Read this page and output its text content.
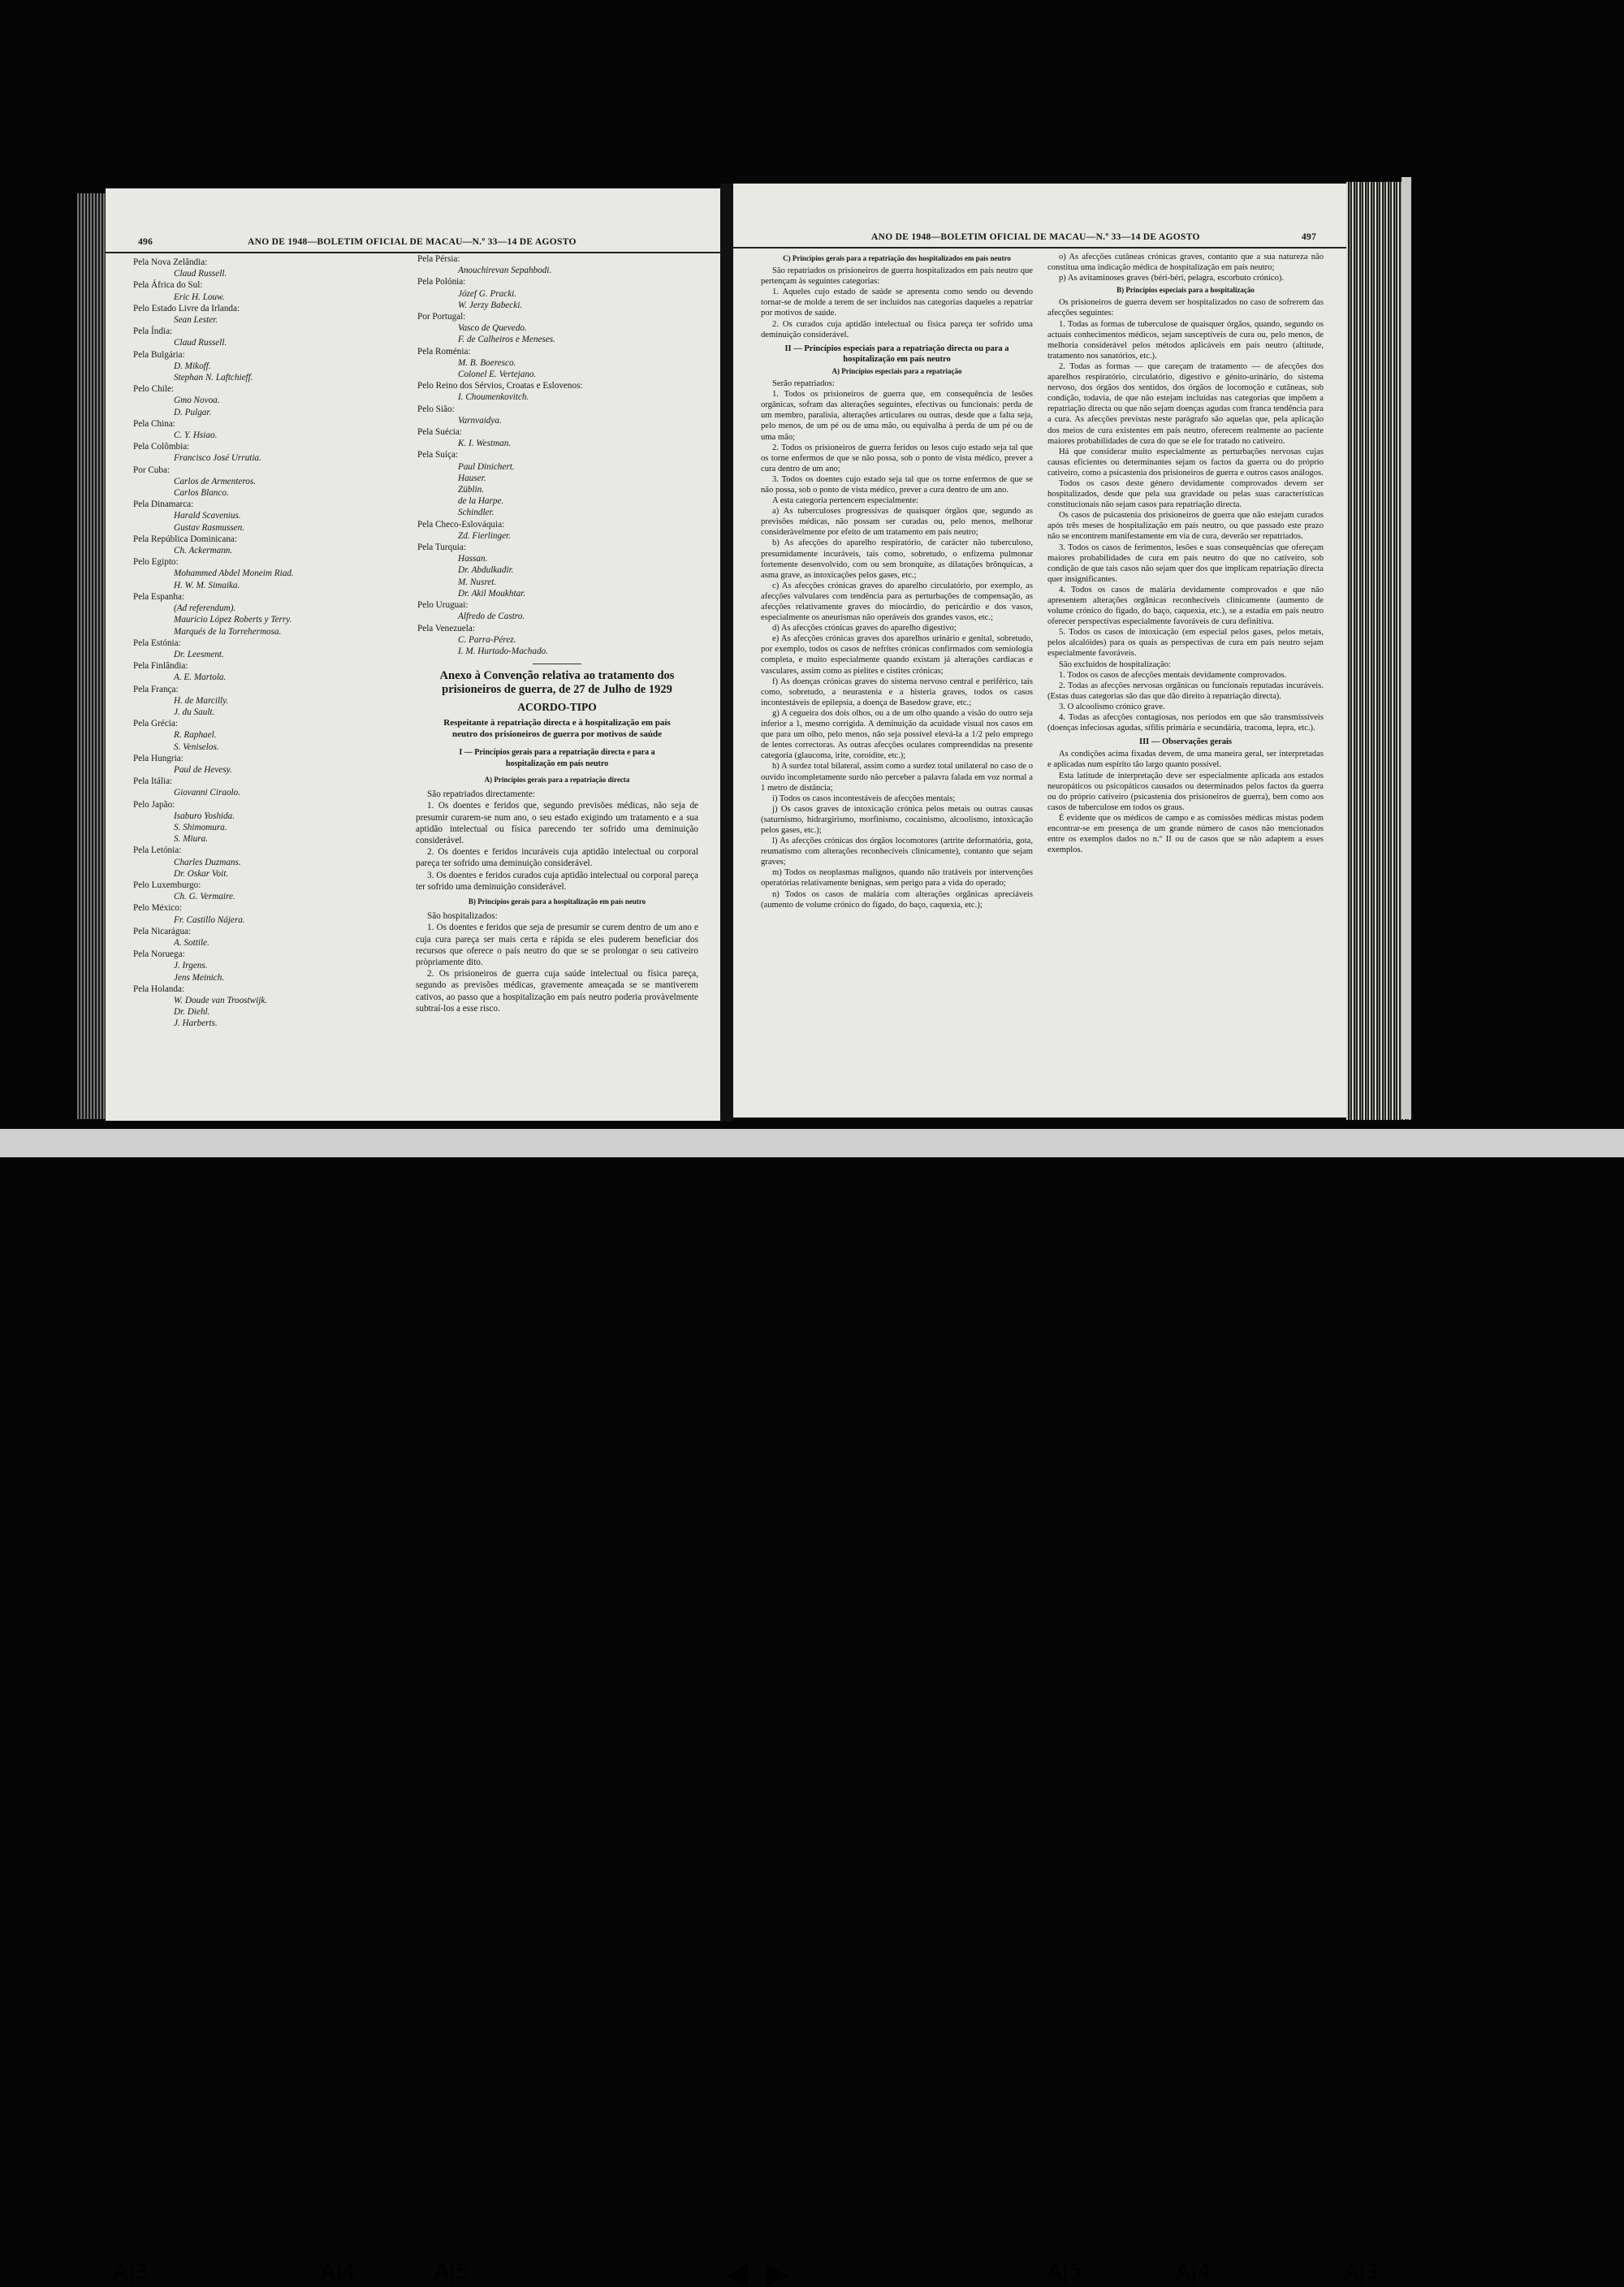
496	ANO DE 1948—BOLETIM OFICIAL DE MACAU—N.º 33—14 DE AGOSTO

Pela Nova Zelândia:

Claud Russell.

Pela África do Sul:

Eric H. Louw.

Pelo Estado Livre da Irlanda:

Sean Lester.

Pela Índia:

Claud Russell.

Pela Bulgária:

D. Mikoff.

Stephan N. Laftchieff.

Pelo Chile:

Gmo Novoa.

D. Pulgar.

Pela China:

C. Y. Hsiao.

Pela Colômbia:

Francisco José Urrutia.

Por Cuba:

Carlos de Armenteros.

Carlos Blanco.

Pela Dinamarca:

Harald Scavenius.

Gustav Rasmussen.

Pela República Dominicana:

Ch. Ackermann.

Pelo Egipto:

Mohammed Abdel Moneim Riad.

H. W. M. Simaika.

Pela Espanha:

(Ad referendum).

Mauricio López Roberts y Terry.

Marqués de la Torrehermosa.

Pela Estónia:

Dr. Leesment.

Pela Finlândia:

A. E. Martola.

Pela França:

H. de Marcilly.

J. du Sault.

Pela Grécia:

R. Raphael.

S. Veniselos.

Pela Hungria:

Paul de Hevesy.

Pela Itália:

Giovanni Ciraolo.

Pelo Japão:

Isaburo Yoshida.

S. Shimomura.

S. Miura.

Pela Letónia:

Charles Duzmans.

Dr. Oskar Voit.

Pelo Luxemburgo:

Ch. G. Vermaire.

Pelo México:

Fr. Castillo Nájera.

Pela Nicarágua:

A. Sottile.

Pela Noruega:

J. Irgens.

Jens Meinich.

Pela Holanda:

W. Doude van Troostwijk.

Dr. Diehl.

J. Harberts.

Pela Pérsia:

Anouchirevan Sepahbodi.

Pela Polónia:

Józef G. Pracki.

W. Jerzy Babecki.

Por Portugal:

Vasco de Quevedo.

F. de Calheiros e Meneses.

Pela Roménia:

M. B. Boeresco.

Colonel E. Vertejano.

Pelo Reino dos Sérvios, Croatas e Eslovenos:

I. Choumenkovitch.

Pelo Sião:

Varnvaidya.

Pela Suécia:

K. I. Westman.

Pela Suíça:

Paul Dinichert.

Hauser.

Züblin.

de la Harpe.

Schindler.

Pela Checo-Eslováquia:

Zd. Fierlinger.

Pela Turquia:

Hassan.

Dr. Abdulkadir.

M. Nusret.

Dr. Akil Moukhtar.

Pelo Uruguai:

Alfredo de Castro.

Pela Venezuela:

C. Parra-Pérez.

I. M. Hurtado-Machado.

Anexo à Convenção relativa ao tratamento dos prisioneiros de guerra, de 27 de Julho de 1929

ACORDO-TIPO

Respeitante à repatriação directa e à hospitalização em país neutro dos prisioneiros de guerra por motivos de saúde

I — Princípios gerais para a repatriação directa e para a hospitalização em país neutro

A) Princípios gerais para a repatriação directa

São repatriados directamente:

1. Os doentes e feridos que, segundo previsões médicas, não seja de presumir curarem-se num ano, o seu estado exigindo um tratamento e a sua aptidão intelectual ou física parecendo ter sofrido uma deminuição considerável.

2. Os doentes e feridos incuráveis cuja aptidão intelectual ou corporal pareça ter sofrido uma deminuição considerável.

3. Os doentes e feridos curados cuja aptidão intelectual ou corporal pareça ter sofrido uma deminuição considerável.

B) Princípios gerais para a hospitalização em país neutro

São hospitalizados:

1. Os doentes e feridos que seja de presumir se curem dentro de um ano e cuja cura pareça ser mais certa e rápida se eles puderem beneficiar dos recursos que oferece o país neutro do que se se prolongar o seu cativeiro pròpriamente dito.

2. Os prisioneiros de guerra cuja saúde intelectual ou física pareça, segundo as previsões médicas, gravemente ameaçada se se mantiverem cativos, ao passo que a hospitalização em país neutro poderia provàvelmente subtraí-los a esse risco.

ANO DE 1948—BOLETIM OFICIAL DE MACAU—N.º 33—14 DE AGOSTO	497

C) Princípios gerais para a repatriação dos hospitalizados em país neutro

São repatriados os prisioneiros de guerra hospitalizados em país neutro que pertençam às seguintes categorias:

1. Aqueles cujo estado de saúde se apresenta como sendo ou devendo tornar-se de molde a terem de ser incluídos nas categorias daqueles a repatriar por motivos de saúde.

2. Os curados cuja aptidão intelectual ou física pareça ter sofrido uma deminuição considerável.

II — Princípios especiais para a repatriação directa ou para a hospitalização em país neutro

A) Princípios especiais para a repatriação

Serão repatriados:

1. Todos os prisioneiros de guerra que, em consequência de lesões orgânicas, sofram das alterações seguintes, efectivas ou funcionais: perda de um membro, paralisia, alterações articulares ou outras, desde que a falta seja, pelo menos, de um pé ou de uma mão, ou equivalha à perda de um pé ou de uma mão;

2. Todos os prisioneiros de guerra feridos ou lesos cujo estado seja tal que os torne enfermos de que se não possa, sob o ponto de vista médico, prever a cura dentro de um ano;

3. Todos os doentes cujo estado seja tal que os torne enfermos de que se não possa, sob o ponto de vista médico, prever a cura dentro de um ano.

A esta categoria pertencem especialmente:

a) As tuberculoses progressivas de quaisquer órgãos que, segundo as previsões médicas, não possam ser curadas ou, pelo menos, melhorar consideràvelmente por efeito de um tratamento em país neutro;

b) As afecções do aparelho respiratório, de carácter não tuberculoso, presumìdamente incuráveis, tais como, sobretudo, o enfizema pulmonar fortemente desenvolvido, com ou sem bronquite, as dilatações brônquicas, a asma grave, as intoxicações pelos gases, etc.;

c) As afecções crónicas graves do aparelho circulatório, por exemplo, as afecções valvulares com tendência para as perturbações de compensação, as afecções relativamente graves do miocárdio, do pericárdio e dos vasos, especialmente os aneurismas não operáveis dos grandes vasos, etc.;

d) As afecções crónicas graves do aparelho digestivo;

e) As afecções crónicas graves dos aparelhos urinário e genital, sobretudo, por exemplo, todos os casos de nefrites crónicas confirmados com semiologia completa, e muito especialmente quando existam já alterações cardíacas e vasculares, assim como as pielites e cistites crónicas;

f) As doenças crónicas graves do sistema nervoso central e periférico, tais como, sobretudo, a neurastenia e a histeria graves, todos os casos incontestáveis de epilepsia, a doença de Basedow grave, etc.;

g) A cegueira dos dois olhos, ou a de um olho quando a visão do outro seja inferior a 1, mesmo corrigida. A deminuição da acuidade visual nos casos em que para um olho, pelo menos, não seja possível elevá-la a 1/2 pelo emprego de lentes correctoras. As outras afecções oculares compreendidas na presente categoria (glaucoma, irite, coroidite, etc.);

h) A surdez total bilateral, assim como a surdez total unilateral no caso de o ouvido incompletamente surdo não perceber a palavra falada em voz normal a 1 metro de distância;

i) Todos os casos incontestáveis de afecções mentais;

j) Os casos graves de intoxicação crónica pelos metais ou outras causas (saturnismo, hidrargirismo, morfinismo, cocainismo, alcoolismo, intoxicação pelos gases, etc.);

l) As afecções crónicas dos órgãos locomotores (artrite deformatória, gota, reumatismo com alterações reconhecíveis clìnicamente), contanto que sejam graves;

m) Todos os neoplasmas malignos, quando não tratáveis por intervenções operatórias relativamente benignas, sem perigo para a vida do operado;

n) Todos os casos de malária com alterações orgânicas apreciáveis (aumento de volume crónico do fígado, do baço, caquexia, etc.);

o) As afecções cutâneas crónicas graves, contanto que a sua natureza não constitua uma indicação médica de hospitalização em país neutro;

p) As avitaminoses graves (béri-béri, pelagra, escorbuto crónico).

B) Princípios especiais para a hospitalização

Os prisioneiros de guerra devem ser hospitalizados no caso de sofrerem das afecções seguintes:

1. Todas as formas de tuberculose de quaisquer órgãos, quando, segundo os actuais conhecimentos médicos, sejam susceptíveis de cura ou, pelo menos, de melhoria considerável pelos métodos aplicáveis em país neutro (altitude, tratamento nos sanatórios, etc.).

2. Todas as formas — que careçam de tratamento — de afecções dos aparelhos respiratório, circulatório, digestivo e génito-urinário, do sistema nervoso, dos órgãos dos sentidos, dos órgãos de locomoção e cutâneas, sob condição, todavia, de que não estejam incluídas nas categorias que impõem a repatriação directa ou que não sejam doenças agudas com franca tendência para a cura. As afecções previstas neste parágrafo são aquelas que, pela aplicação dos meios de cura existentes em país neutro, oferecem realmente ao paciente maiores probabilidades de cura do que se ele for tratado no cativeiro.

Há que considerar muito especialmente as perturbações nervosas cujas causas eficientes ou determinantes sejam os factos da guerra ou do próprio cativeiro, como a psicastenia dos prisioneiros de guerra e outros casos análogos.

Todos os casos deste género devidamente comprovados devem ser hospitalizados, desde que pela sua gravidade ou pelas suas características constitucionais não sejam casos para repatriação directa.

Os casos de psicastenia dos prisioneiros de guerra que não estejam curados após três meses de hospitalização em país neutro, ou que passado este prazo não se encontrem manifestamente em via de cura, deverão ser repatriados.

3. Todos os casos de ferimentos, lesões e suas consequências que ofereçam maiores probabilidades de cura em país neutro do que no cativeiro, sob condição de que tais casos não sejam quer dos que implicam repatriação directa quer insignificantes.

4. Todos os casos de malária devidamente comprovados e que não apresentem alterações orgânicas reconhecíveis clìnicamente (aumento de volume crónico do fígado, do baço, caquexia, etc.), se a estadia em país neutro oferecer perspectivas especialmente favoráveis de cura definitiva.

5. Todos os casos de intoxicação (em especial pelos gases, pelos metais, pelos alcalóides) para os quais as perspectivas de cura em país neutro sejam especialmente favoráveis.

São excluídos de hospitalização:

1. Todos os casos de afecções mentais devidamente comprovados.

2. Todas as afecções nervosas orgânicas ou funcionais reputadas incuráveis. (Estas duas categorias são das que dão direito à repatriação directa).

3. O alcoolismo crónico grave.

4. Todas as afecções contagiosas, nos períodos em que são transmissíveis (doenças infeciosas agudas, sífilis primária e secundária, tracoma, lepra, etc.).

III — Observações gerais

As condições acima fixadas devem, de uma maneira geral, ser interpretadas e aplicadas num espírito tão largo quanto possível.

Esta latitude de interpretação deve ser especialmente aplicada aos estados neuropáticos ou psicopáticos causados ou determinados pelos factos da guerra ou do próprio cativeiro (psicastenia dos prisioneiros de guerra), bem como aos casos de tuberculose em todos os graus.

É evidente que os médicos de campo e as comissões médicas mistas podem encontrar-se em presença de um grande número de casos não mencionados entre os exemplos dados no n.º II ou de casos que se não adaptem a esses exemplos.

A|3	A|4	A|5	A|5	A|4	A|3
